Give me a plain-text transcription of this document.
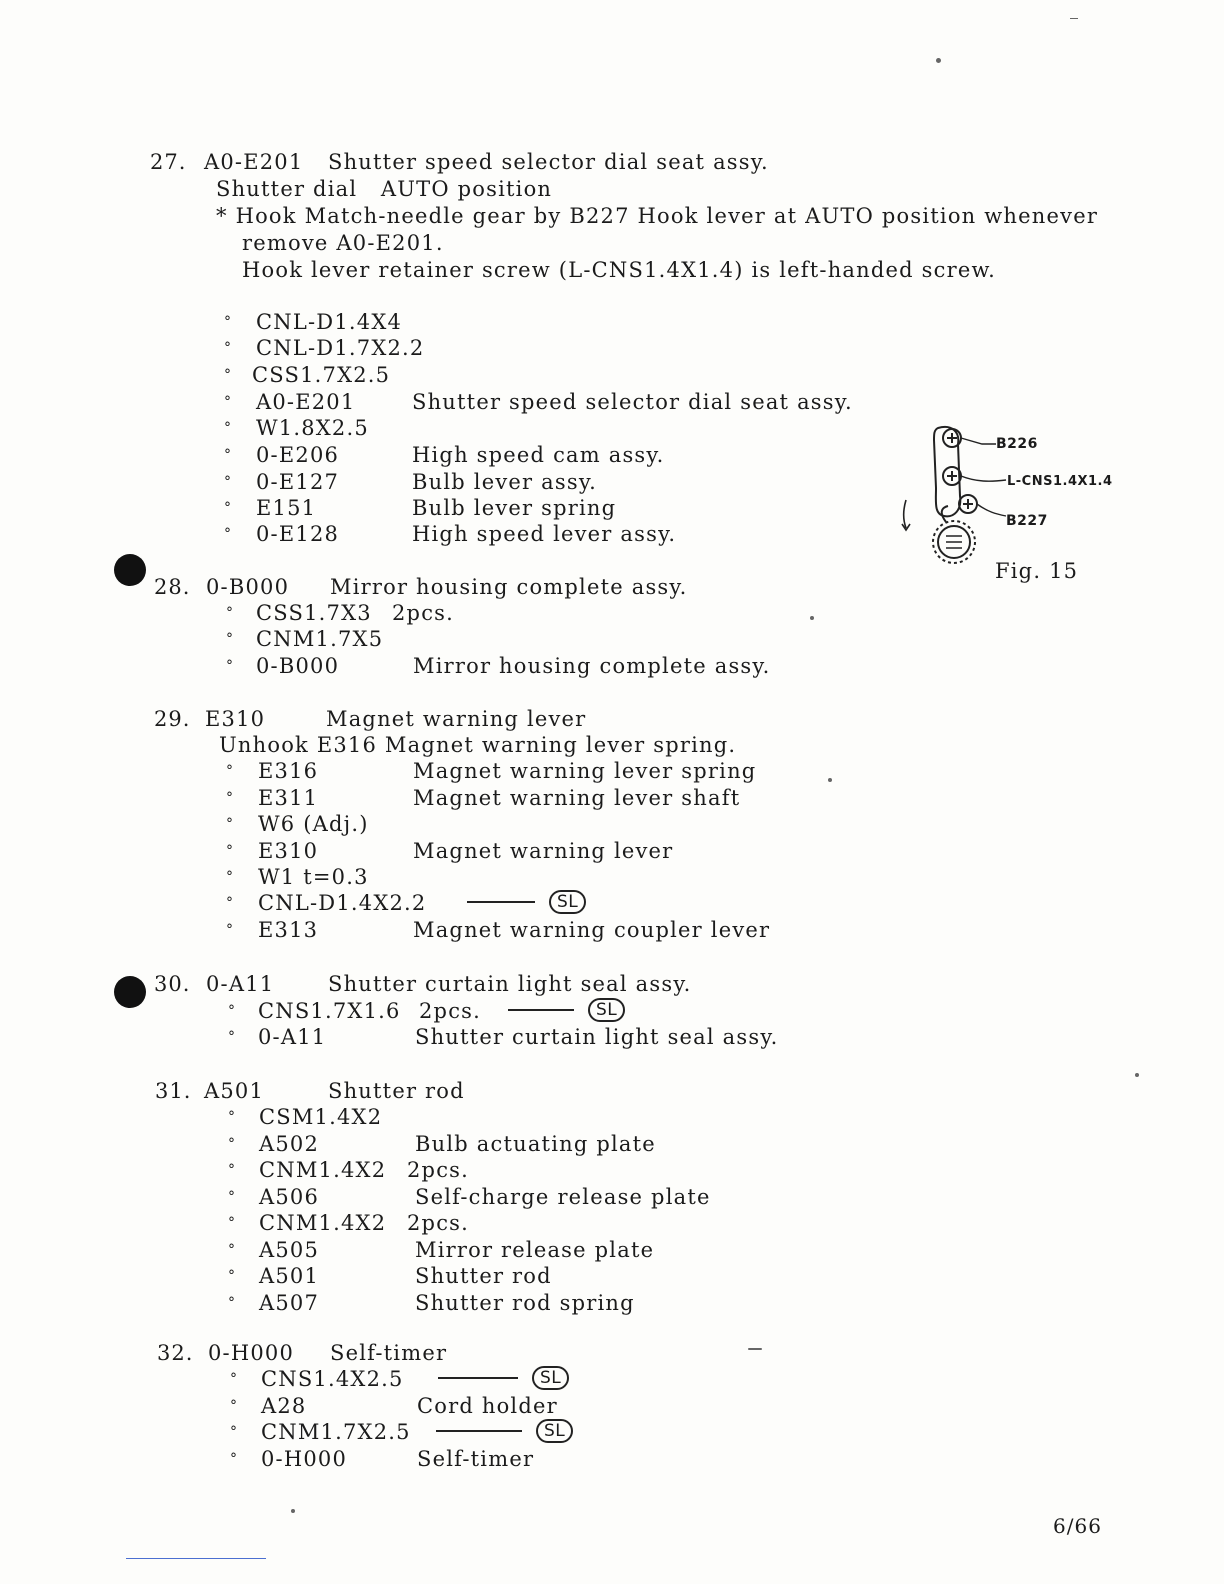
27. A0-E201 Shutter speed selector dial seat assy.
Shutter dial   AUTO position
* Hook Match-needle gear by B227 Hook lever at AUTO position whenever
remove A0-E201.
Hook lever retainer screw (L-CNS1.4X1.4) is left-handed screw.
° CNL-D1.4X4
° CNL-D1.7X2.2
° CSS1.7X2.5
° A0-E201	Shutter speed selector dial seat assy.
° W1.8X2.5
° 0-E206	High speed cam assy.
° 0-E127	Bulb lever assy.
° E151	Bulb lever spring
° 0-E128	High speed lever assy.
B226
L-CNS1.4X1.4
B227
Fig. 15
28. 0-B000 Mirror housing complete assy.
° CSS1.7X3 2pcs.
° CNM1.7X5
° 0-B000	Mirror housing complete assy.
29. E310	Magnet warning lever
Unhook E316 Magnet warning lever spring.
° E316	Magnet warning lever spring
° E311	Magnet warning lever shaft
° W6 (Adj.)
° E310	Magnet warning lever
° W1 t=0.3
° CNL-D1.4X2.2	SL
° E313	Magnet warning coupler lever
30. 0-A11	Shutter curtain light seal assy.
° CNS1.7X1.6 2pcs.	SL
° 0-A11	Shutter curtain light seal assy.
31. A501	Shutter rod
° CSM1.4X2
° A502	Bulb actuating plate
° CNM1.4X2 2pcs.
° A506	Self-charge release plate
° CNM1.4X2 2pcs.
° A505	Mirror release plate
° A501	Shutter rod
° A507	Shutter rod spring
32. 0-H000 Self-timer
° CNS1.4X2.5	SL
° A28	Cord holder
° CNM1.7X2.5	SL
° 0-H000	Self-timer
6/66
